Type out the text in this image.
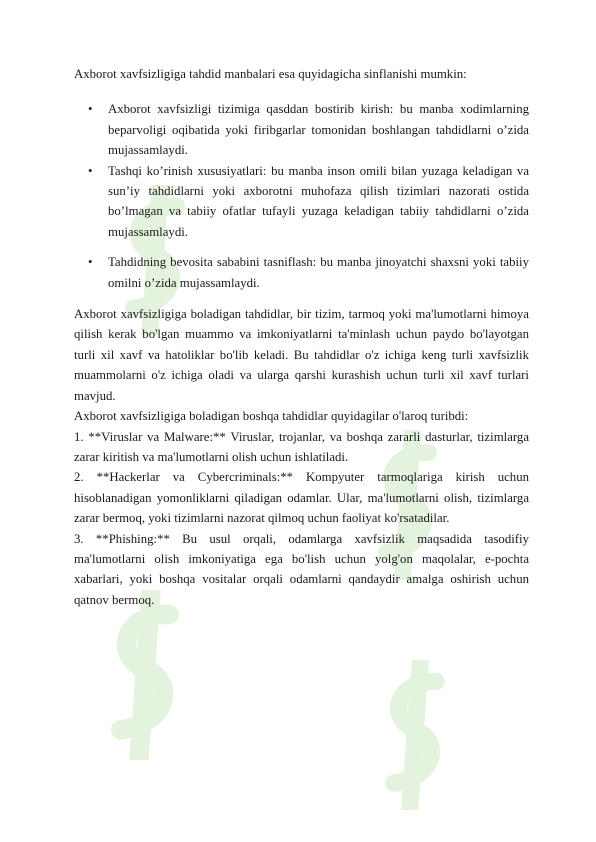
Axborot xavfsizligiga tahdid manbalari esa quyidagicha sinflanishi mumkin:

• Axborot xavfsizligi tizimiga qasddan bostirib kirish: bu manba xodimlarning beparvoligi oqibatida yoki firibgarlar tomonidan boshlangan tahdidlarni o’zida mujassamlaydi.
• Tashqi ko’rinish xususiyatlari: bu manba inson omili bilan yuzaga keladigan va sun’iy tahdidlarni yoki axborotni muhofaza qilish tizimlari nazorati ostida bo’lmagan va tabiiy ofatlar tufayli yuzaga keladigan tabiiy tahdidlarni o’zida mujassamlaydi.
• Tahdidning bevosita sababini tasniflash: bu manba jinoyatchi shaxsni yoki tabiiy omilni o’zida mujassamlaydi.

Axborot xavfsizligiga boladigan tahdidlar, bir tizim, tarmoq yoki ma'lumotlarni himoya qilish kerak bo'lgan muammo va imkoniyatlarni ta'minlash uchun paydo bo'layotgan turli xil xavf va hatoliklar bo'lib keladi. Bu tahdidlar o'z ichiga keng turli xavfsizlik muammolarni o'z ichiga oladi va ularga qarshi kurashish uchun turli xil xavf turlari mavjud.

Axborot xavfsizligiga boladigan boshqa tahdidlar quyidagilar o'laroq turibdi:

1. **Viruslar va Malware:** Viruslar, trojanlar, va boshqa zararli dasturlar, tizimlarga zarar kiritish va ma'lumotlarni olish uchun ishlatiladi.

2. **Hackerlar va Cybercriminals:** Kompyuter tarmoqlariga kirish uchun hisoblanadigan yomonliklarni qiladigan odamlar. Ular, ma'lumotlarni olish, tizimlarga zarar bermoq, yoki tizimlarni nazorat qilmoq uchun faoliyat ko'rsatadilar.

3. **Phishing:** Bu usul orqali, odamlarga xavfsizlik maqsadida tasodifiy ma'lumotlarni olish imkoniyatiga ega bo'lish uchun yolg'on maqolalar, e-pochta xabarlari, yoki boshqa vositalar orqali odamlarni qandaydir amalga oshirish uchun qatnov bermoq.
